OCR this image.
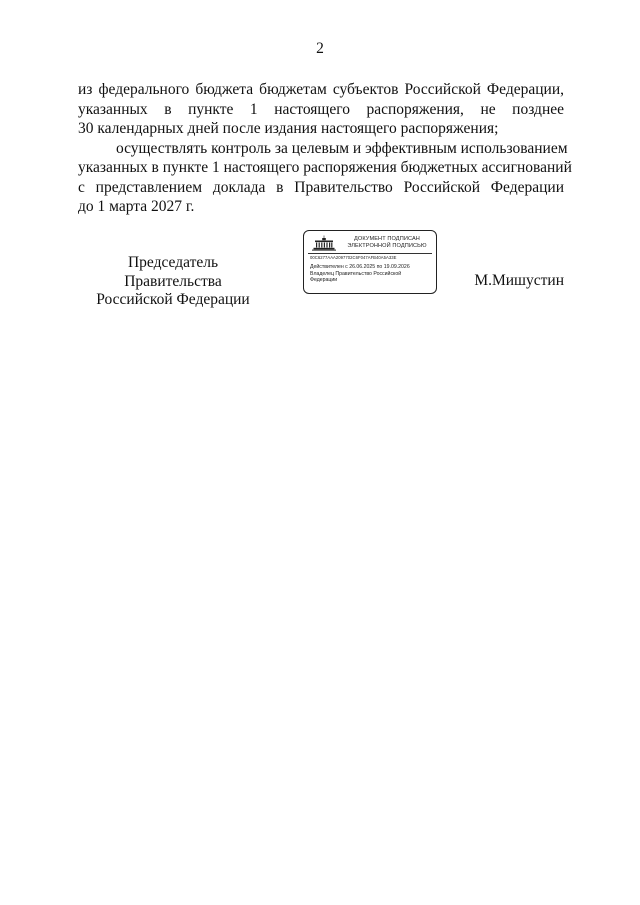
2
из федерального бюджета бюджетам субъектов Российской Федерации,
указанных в пункте 1 настоящего распоряжения, не позднее
30 календарных дней после издания настоящего распоряжения;
осуществлять контроль за целевым и эффективным использованием
указанных в пункте 1 настоящего распоряжения бюджетных ассигнований
с представлением доклада в Правительство Российской Федерации
до 1 марта 2027 г.
Председатель Правительства
Российской Федерации
ДОКУМЕНТ ПОДПИСАН
ЭЛЕКТРОННОЙ ПОДПИСЬЮ
00C6277AAA2097702C6F047AFB40A5A33E
Действителен с 26.06.2025 по 19.09.2026
Владелец Правительство Российской
Федерации	М.Мишустин
